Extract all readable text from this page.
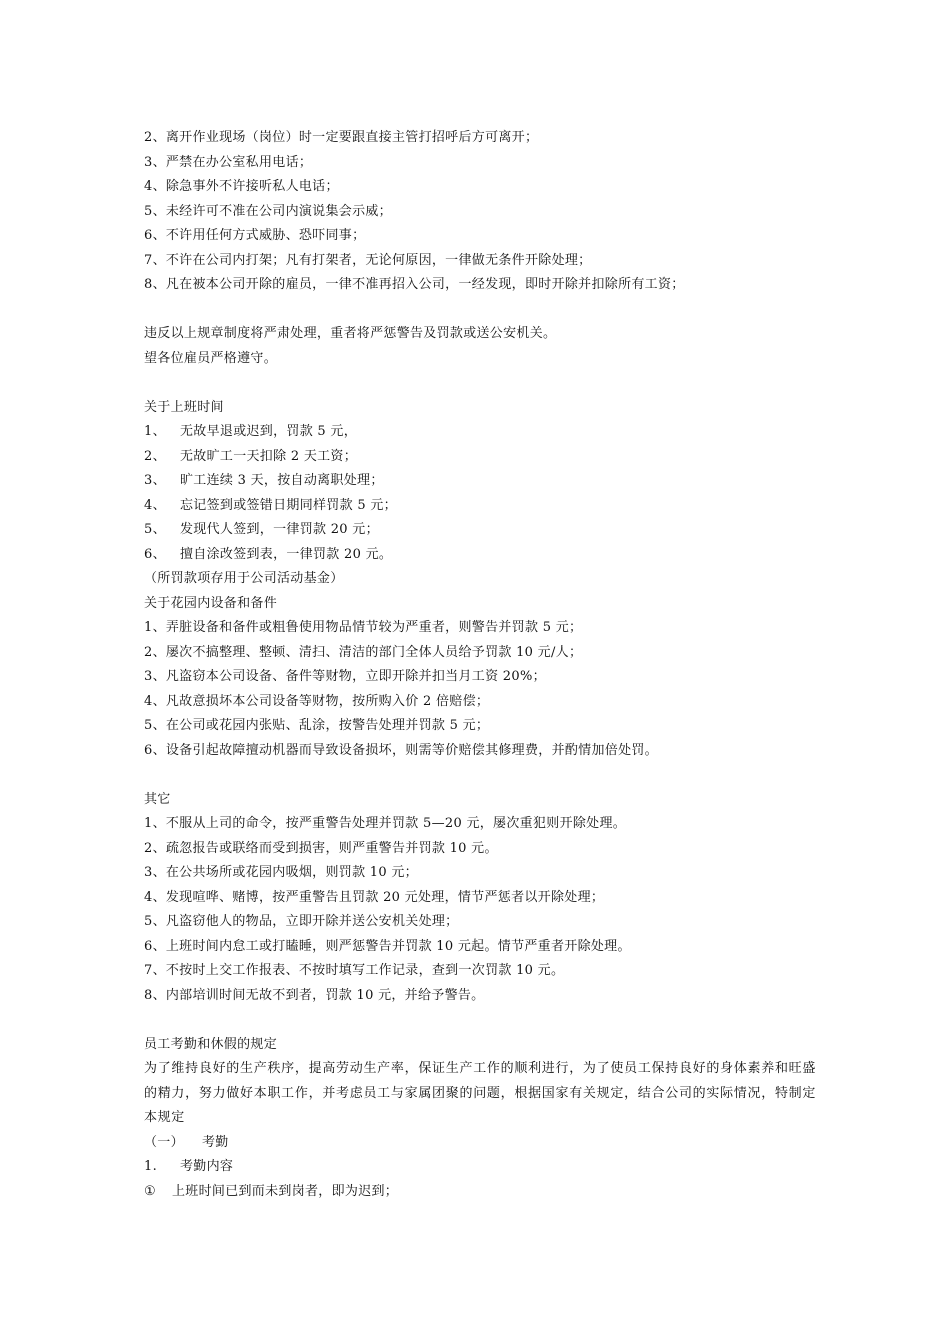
2、离开作业现场（岗位）时一定要跟直接主管打招呼后方可离开；
3、严禁在办公室私用电话；
4、除急事外不许接听私人电话；
5、未经许可不准在公司内演说集会示威；
6、不许用任何方式威胁、恐吓同事；
7、不许在公司内打架；凡有打架者，无论何原因，一律做无条件开除处理；
8、凡在被本公司开除的雇员，一律不准再招入公司，一经发现，即时开除并扣除所有工资；
违反以上规章制度将严肃处理，重者将严惩警告及罚款或送公安机关。
望各位雇员严格遵守。
关于上班时间
1、 无故早退或迟到，罚款 5 元，
2、 无故旷工一天扣除 2 天工资；
3、 旷工连续 3 天，按自动离职处理；
4、 忘记签到或签错日期同样罚款 5 元；
5、 发现代人签到，一律罚款 20 元；
6、 擅自涂改签到表，一律罚款 20 元。
（所罚款项存用于公司活动基金）
关于花园内设备和备件
1、弄脏设备和备件或粗鲁使用物品情节较为严重者，则警告并罚款 5 元；
2、屡次不搞整理、整顿、清扫、清洁的部门全体人员给予罚款 10 元/人；
3、凡盗窃本公司设备、备件等财物，立即开除并扣当月工资 20%；
4、凡故意损坏本公司设备等财物，按所购入价 2 倍赔偿；
5、在公司或花园内张贴、乱涂，按警告处理并罚款 5 元；
6、设备引起故障擅动机器而导致设备损坏，则需等价赔偿其修理费，并酌情加倍处罚。
其它
1、不服从上司的命令，按严重警告处理并罚款 5—20 元，屡次重犯则开除处理。
2、疏忽报告或联络而受到损害，则严重警告并罚款 10 元。
3、在公共场所或花园内吸烟，则罚款 10 元；
4、发现喧哗、赌博，按严重警告且罚款 20 元处理，情节严惩者以开除处理；
5、凡盗窃他人的物品，立即开除并送公安机关处理；
6、上班时间内怠工或打瞌睡，则严惩警告并罚款 10 元起。情节严重者开除处理。
7、不按时上交工作报表、不按时填写工作记录，查到一次罚款 10 元。
8、内部培训时间无故不到者，罚款 10 元，并给予警告。
员工考勤和休假的规定
为了维持良好的生产秩序，提高劳动生产率，保证生产工作的顺利进行，为了使员工保持良好的身体素养和旺盛的精力，努力做好本职工作，并考虑员工与家属团聚的问题，根据国家有关规定，结合公司的实际情况，特制定本规定
（一） 考勤
1. 考勤内容
① 上班时间已到而未到岗者，即为迟到；
